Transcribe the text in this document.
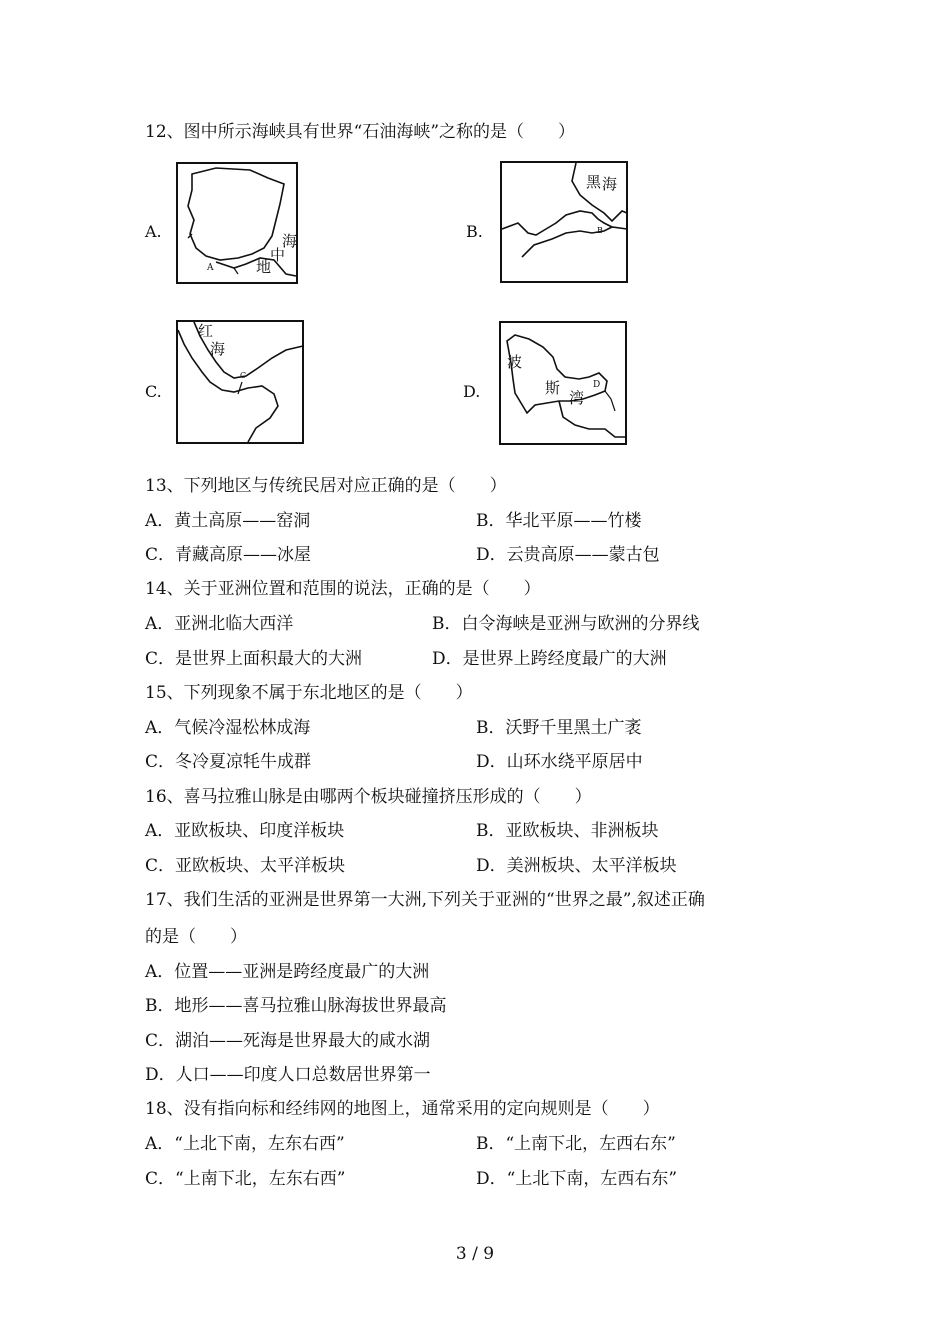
12、图中所示海峡具有世界“石油海峡”之称的是（　　）
A.	海
中
地
A
B.
黑 海
B
C.
红
海
C
D.
波
斯
湾
D
13、下列地区与传统民居对应正确的是（　　）
A．黄土高原——窑洞	B．华北平原——竹楼
C．青藏高原——冰屋	D．云贵高原——蒙古包
14、关于亚洲位置和范围的说法，正确的是（　　）
A．亚洲北临大西洋	B．白令海峡是亚洲与欧洲的分界线
C．是世界上面积最大的大洲	D．是世界上跨经度最广的大洲
15、下列现象不属于东北地区的是（　　）
A．气候冷湿松林成海	B．沃野千里黑土广袤
C．冬冷夏凉牦牛成群	D．山环水绕平原居中
16、喜马拉雅山脉是由哪两个板块碰撞挤压形成的（　　）
A．亚欧板块、印度洋板块	B．亚欧板块、非洲板块
C．亚欧板块、太平洋板块	D．美洲板块、太平洋板块
17、我们生活的亚洲是世界第一大洲,下列关于亚洲的“世界之最”,叙述正确
的是（　　）
A．位置——亚洲是跨经度最广的大洲
B．地形——喜马拉雅山脉海拔世界最高
C．湖泊——死海是世界最大的咸水湖
D．人口——印度人口总数居世界第一
18、没有指向标和经纬网的地图上，通常采用的定向规则是（　　）
A．“上北下南，左东右西”	B．“上南下北，左西右东”
C．“上南下北，左东右西”	D．“上北下南，左西右东”
3 / 9
